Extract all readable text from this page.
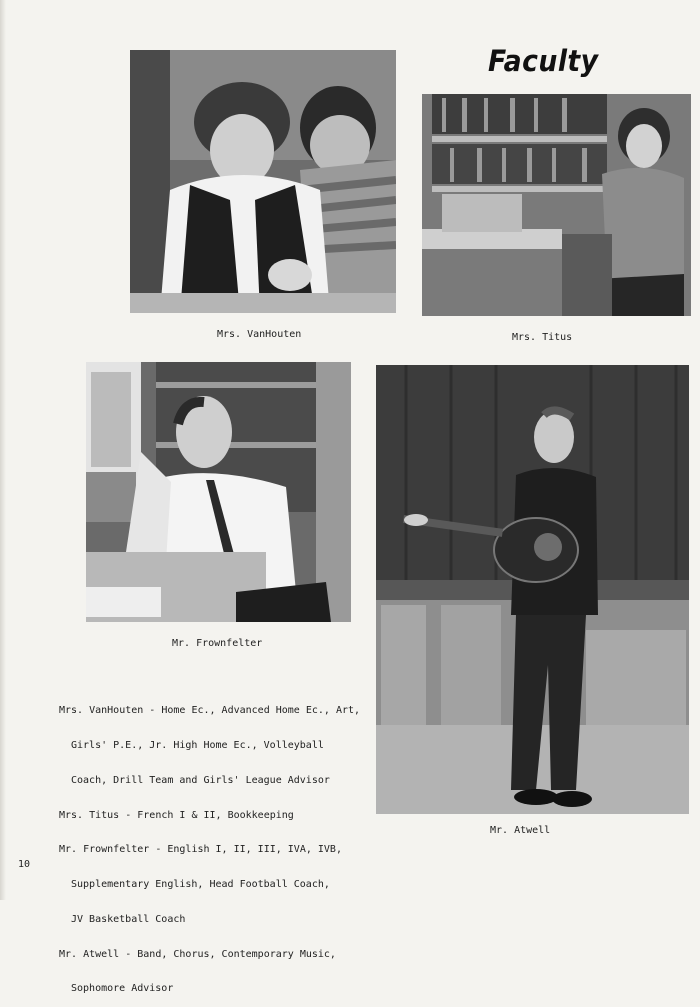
Faculty
Mrs. VanHouten	Mrs. Titus
Mr. Frownfelter
Mr. Atwell

Mrs. VanHouten - Home Ec., Advanced Home Ec., Art,

Girls' P.E., Jr. High Home Ec., Volleyball

Coach, Drill Team and Girls' League Advisor

Mrs. Titus - French I & II, Bookkeeping

Mr. Frownfelter - English I, II, III, IVA, IVB,

Supplementary English, Head Football Coach,

JV Basketball Coach

Mr. Atwell - Band, Chorus, Contemporary Music,

Sophomore Advisor

10
